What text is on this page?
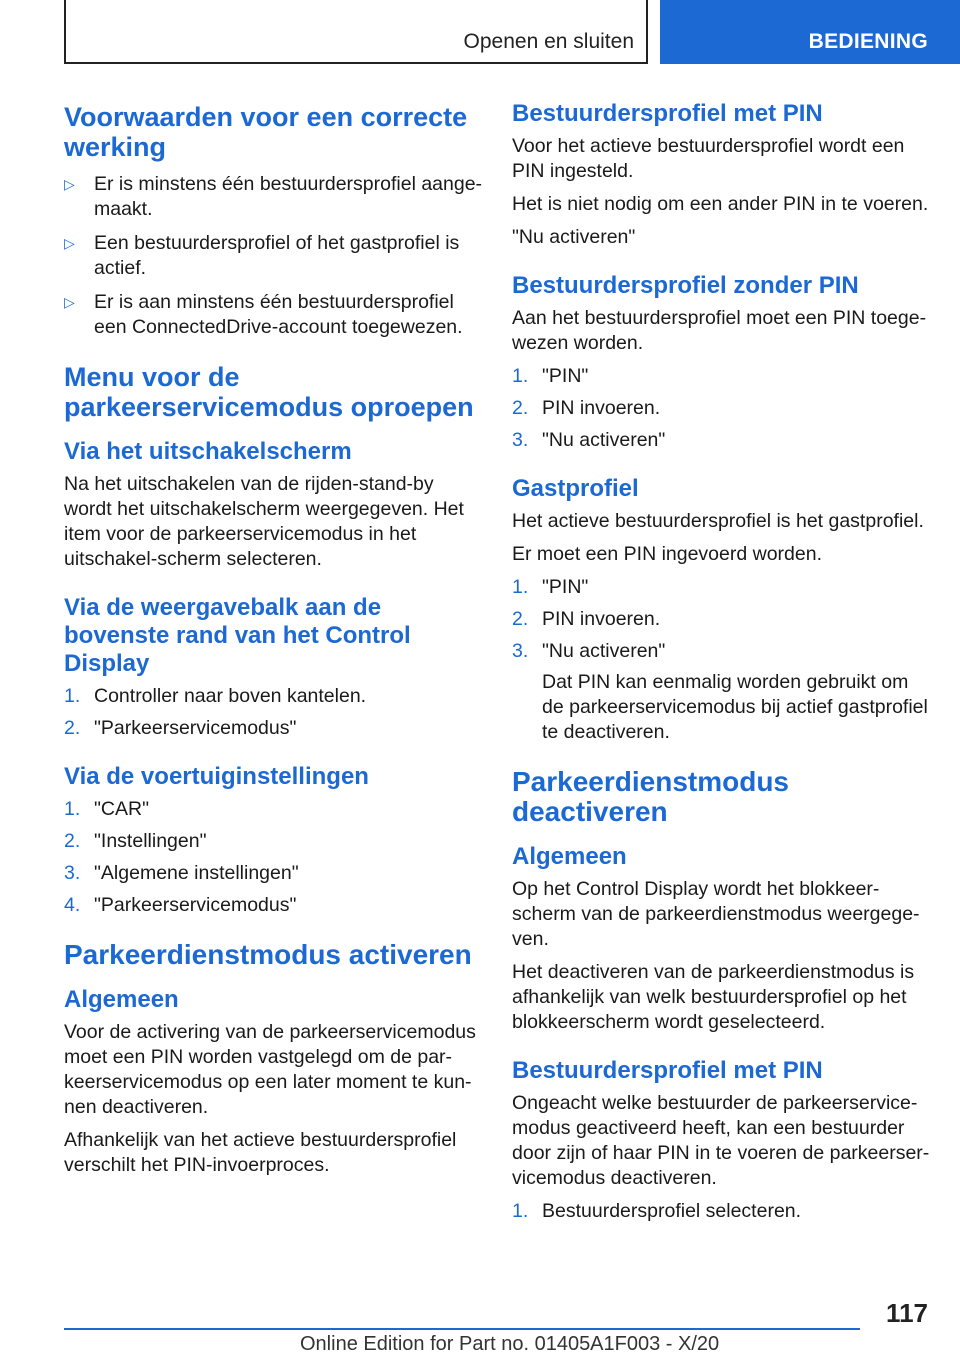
Openen en sluiten	BEDIENING
Voorwaarden voor een correcte werking
▷ Er is minstens één bestuurdersprofiel aange‐maakt.
▷ Een bestuurdersprofiel of het gastprofiel is actief.
▷ Er is aan minstens één bestuurdersprofiel een ConnectedDrive-account toegewezen.
Menu voor de parkeerservicemodus oproepen
Via het uitschakelscherm

Na het uitschakelen van de rijden-stand-by wordt het uitschakelscherm weergegeven. Het item voor de parkeerservicemodus in het uitschakel‐scherm selecteren.

Via de weergavebalk aan de bovenste rand van het Control Display
1. Controller naar boven kantelen.
2. "Parkeerservicemodus"
Via de voertuiginstellingen
1. "CAR"
2. "Instellingen"
3. "Algemene instellingen"
4. "Parkeerservicemodus"
Parkeerdienstmodus activeren
Algemeen

Voor de activering van de parkeerservicemodus moet een PIN worden vastgelegd om de par‐keerservicemodus op een later moment te kun‐nen deactiveren.

Afhankelijk van het actieve bestuurdersprofiel verschilt het PIN-invoerproces.

Bestuurdersprofiel met PIN

Voor het actieve bestuurdersprofiel wordt een PIN ingesteld.

Het is niet nodig om een ander PIN in te voeren.

"Nu activeren"

Bestuurdersprofiel zonder PIN

Aan het bestuurdersprofiel moet een PIN toege‐wezen worden.

1. "PIN"
2. PIN invoeren.
3. "Nu activeren"
Gastprofiel

Het actieve bestuurdersprofiel is het gastprofiel.

Er moet een PIN ingevoerd worden.

1. "PIN"
2. PIN invoeren.
3. "Nu activeren"
Dat PIN kan eenmalig worden gebruikt om de parkeerservicemodus bij actief gastprofiel te deactiveren.
Parkeerdienstmodus deactiveren
Algemeen

Op het Control Display wordt het blokkeer‐scherm van de parkeerdienstmodus weergege‐ven.

Het deactiveren van de parkeerdienstmodus is afhankelijk van welk bestuurdersprofiel op het blokkeerscherm wordt geselecteerd.

Bestuurdersprofiel met PIN

Ongeacht welke bestuurder de parkeerservice‐modus geactiveerd heeft, kan een bestuurder door zijn of haar PIN in te voeren de parkeerser‐vicemodus deactiveren.

1. Bestuurdersprofiel selecteren.
117
Online Edition for Part no. 01405A1F003 - X/20
